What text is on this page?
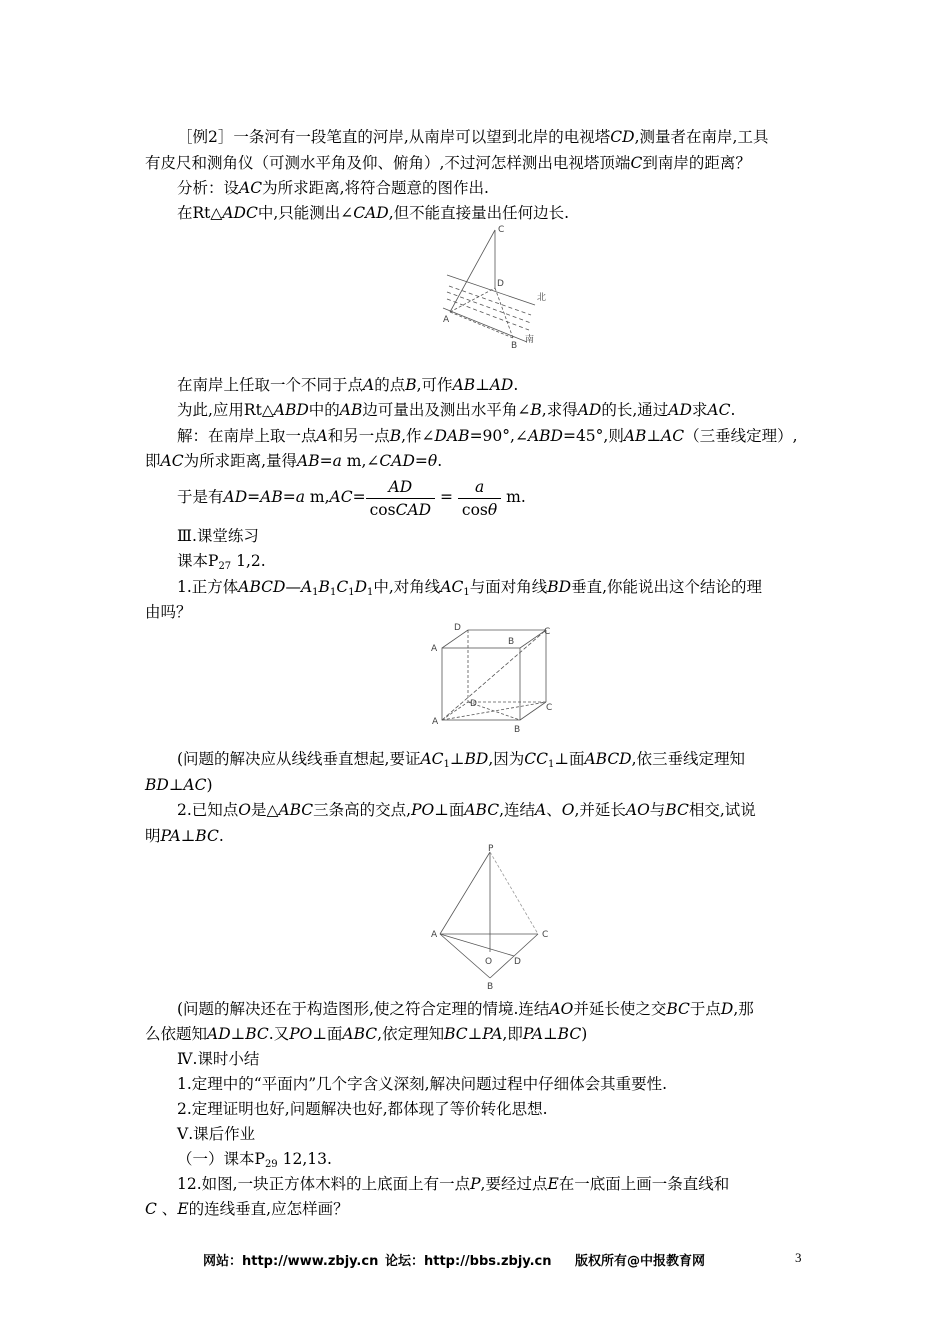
［例2］一条河有一段笔直的河岸,从南岸可以望到北岸的电视塔CD,测量者在南岸,工具
有皮尺和测角仪（可测水平角及仰、俯角）,不过河怎样测出电视塔顶端C到南岸的距离？
分析：设AC为所求距离,将符合题意的图作出.
在Rt△ADC中,只能测出∠CAD,但不能直接量出任何边长.
C
D
A
B
北
南
在南岸上任取一个不同于点A的点B,可作AB⊥AD.
为此,应用Rt△ABD中的AB边可量出及测出水平角∠B,求得AD的长,通过AD求AC.
解：在南岸上取一点A和另一点B,作∠DAB=90°,∠ABD=45°,则AB⊥AC（三垂线定理）,
即AC为所求距离,量得AB=a m,∠CAD=θ.
于是有AD=AB=a $m,AC= \frac{AD}{\text{cosCAD}} = \frac{a}{\cos\theta} m$.
Ⅲ.课堂练习
课本$P_{27}$ 1,2.
1.正方体$ABCD—A_1B_1C_1D_1$中,对角线$AC_1$与面对角线BD垂直,你能说出这个结论的理
由吗？
D
B
C
A
D
A
B
C
(问题的解决应从线线垂直想起,要证$AC_1\perp BD$,因为$CC_1\perp$面ABCD,依三垂线定理知
BD⊥AC)
2.已知点O是△ABC三条高的交点,PO⊥面ABC,连结A、O,并延长AO与BC相交,试说
明PA⊥BC.
P
A	C
O D
B
(问题的解决还在于构造图形,使之符合定理的情境.连结AO并延长使之交BC于点D,那
么依题知AD⊥BC.又PO⊥面ABC,依定理知BC⊥PA,即PA⊥BC)
Ⅳ.课时小结
1.定理中的“平面内”几个字含义深刻,解决问题过程中仔细体会其重要性.
2.定理证明也好,问题解决也好,都体现了等价转化思想.
Ⅴ.课后作业
（一）课本$P_{29}$ 12,13.
12.如图,一块正方体木料的上底面上有一点P,要经过点E在一底面上画一条直线和
C 、E的连线垂直,应怎样画？
网站：http://www.zbjy.cn 论坛：http://bbs.zbjy.cn 版权所有@中报教育网	3
